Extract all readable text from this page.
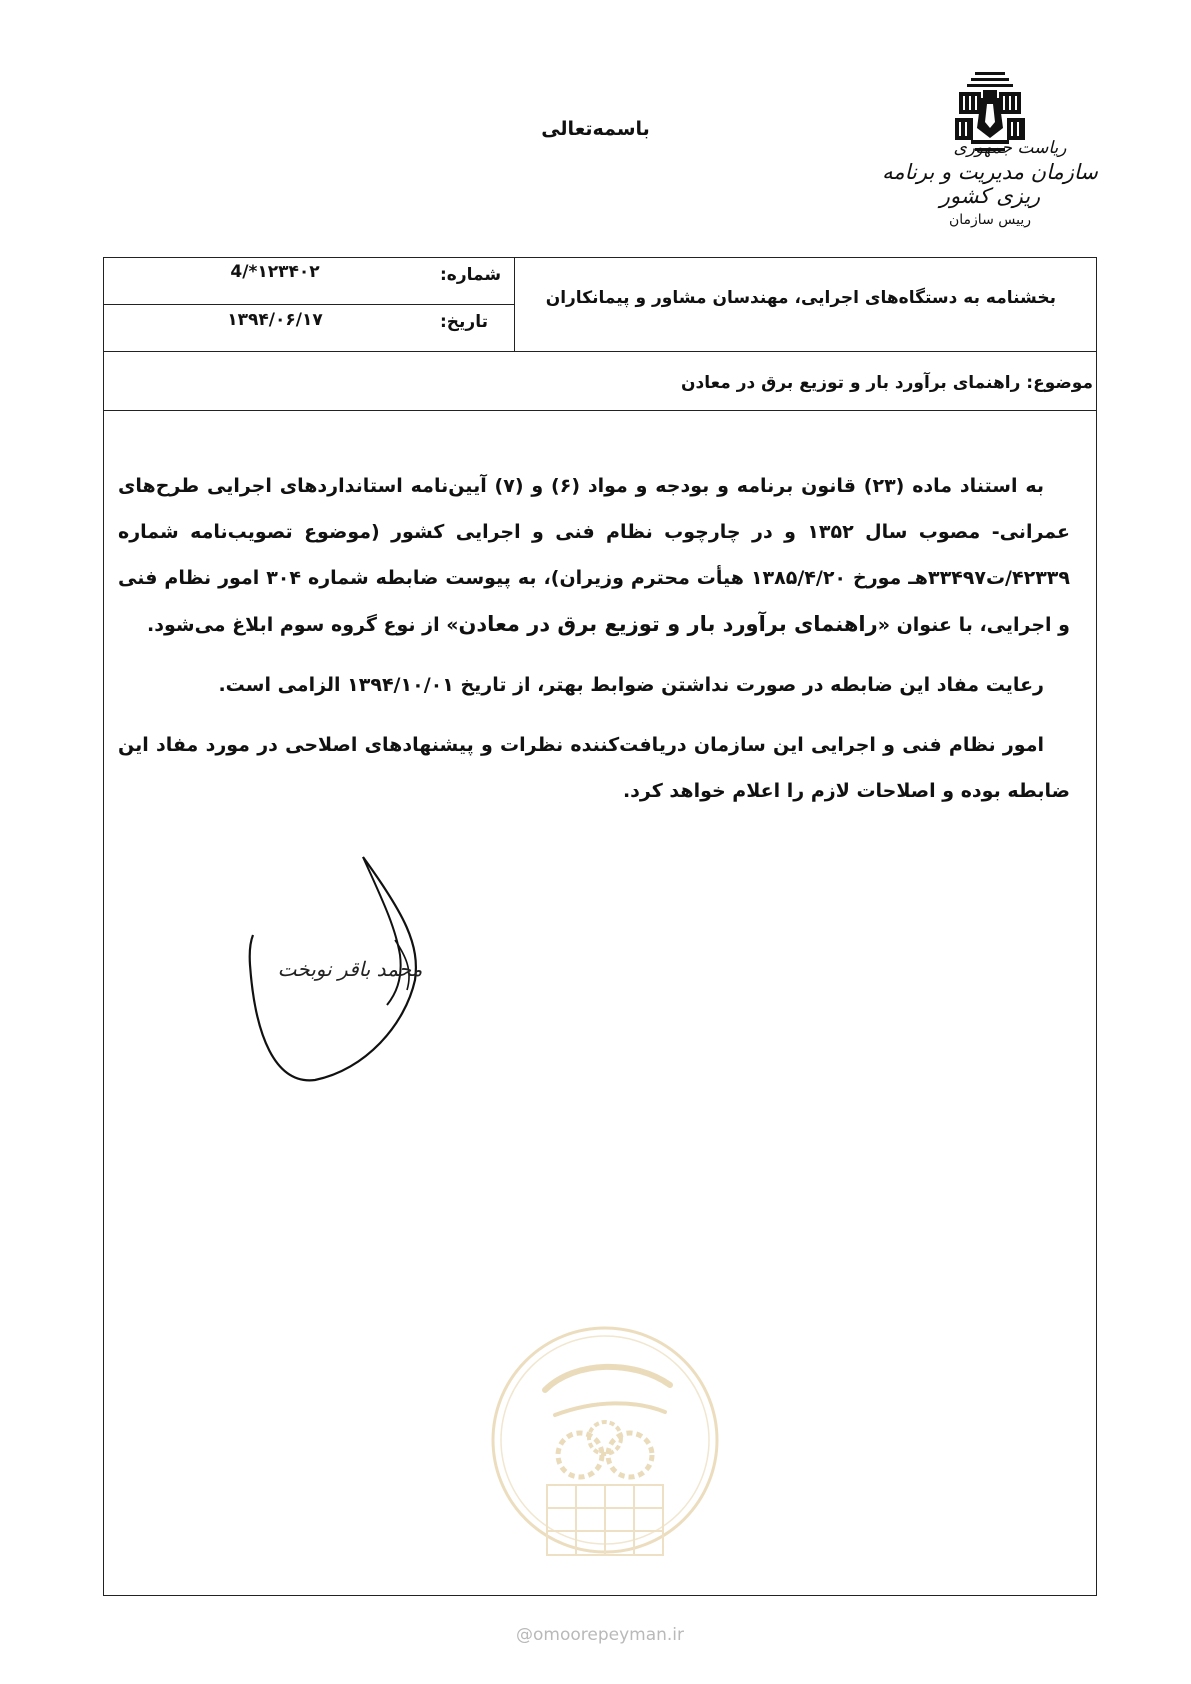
ریاست جمهوری
سازمان مدیریت و برنامه ریزی کشور
رییس سازمان
باسمه‌تعالی
بخشنامه به دستگاه‌های اجرایی، مهندسان مشاور و پیمانکاران
شماره:
4/*۱۲۳۴۰۲
تاریخ:
۱۳۹۴/۰۶/۱۷
موضوع: راهنمای برآورد بار و توزیع برق در معادن

به استناد ماده (۲۳) قانون برنامه و بودجه و مواد (۶) و (۷) آیین‌نامه استانداردهای اجرایی طرح‌های عمرانی- مصوب سال ۱۳۵۲ و در چارچوب نظام فنی و اجرایی کشور (موضوع تصویب‌نامه شماره ۴۲۳۳۹/ت۳۳۴۹۷هـ مورخ ۱۳۸۵/۴/۲۰ هیأت محترم وزیران)، به پیوست ضابطه شماره ۳۰۴ امور نظام فنی و اجرایی، با عنوان «راهنمای برآورد بار و توزیع برق در معادن» از نوع گروه سوم ابلاغ می‌شود.

رعایت مفاد این ضابطه در صورت نداشتن ضوابط بهتر، از تاریخ ۱۳۹۴/۱۰/۰۱ الزامی است.

امور نظام فنی و اجرایی این سازمان دریافت‌کننده نظرات و پیشنهادهای اصلاحی در مورد مفاد این ضابطه بوده و اصلاحات لازم را اعلام خواهد کرد.

محمد باقر نوبخت
@omoorepeyman.ir
